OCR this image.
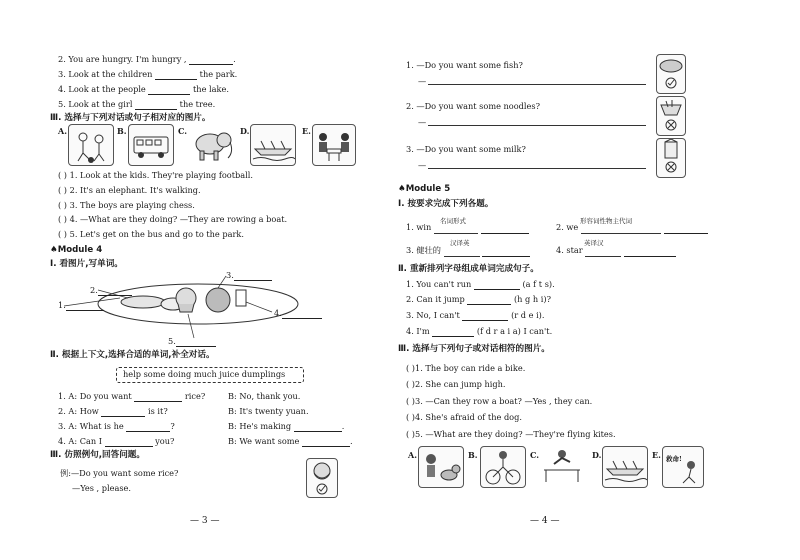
2. You are hungry. I'm hungry ,	.
3. Look at the children	the park.
4. Look at the people	the lake.
5. Look at the girl	the tree.
Ⅲ. 选择与下列对话或句子相对应的图片。
A.	B.	C.	D.	E.
( ) 1. Look at the kids. They're playing football.
( ) 2. It's an elephant. It's walking.
( ) 3. The boys are playing chess.
( ) 4. —What are they doing? —They are rowing a boat.
( ) 5. Let's get on the bus and go to the park.
♠Module 4
Ⅰ. 看图片,写单词。
1.
2.
3.
4.
5.
Ⅱ. 根据上下文,选择合适的单词,补全对话。
help some doing much juice dumplings
1. A: Do you want	rice?	B: No, thank you.
2. A: How	is it?	B: It's twenty yuan.
3. A: What is he	?	B: He's making	.
4. A: Can I	you?	B: We want some	.
Ⅲ. 仿照例句,回答问题。
例:—Do you want some rice?
—Yes , please.
— 3 —
1. —Do you want some fish?
—
2. —Do you want some noodles?
—
3. —Do you want some milk?
—
♠Module 5
Ⅰ. 按要求完成下列各题。
1. win
名词形式
2. we
形容词性物主代词
3. 健壮的
汉译英
4. star
英译汉
Ⅱ. 重新排列字母组成单词完成句子。
1. You can't run	(a f t s).
2. Can it jump	(h g h i)?
3. No, I can't	(r d e i).
4. I'm	(f d r a i a) I can't.
Ⅲ. 选择与下列句子或对话相符的图片。
( )1. The boy can ride a bike.
( )2. She can jump high.
( )3. —Can they row a boat? —Yes , they can.
( )4. She's afraid of the dog.
( )5. —What are they doing? —They're flying kites.
A.	B.	C.	D.	E. 救命!
— 4 —
